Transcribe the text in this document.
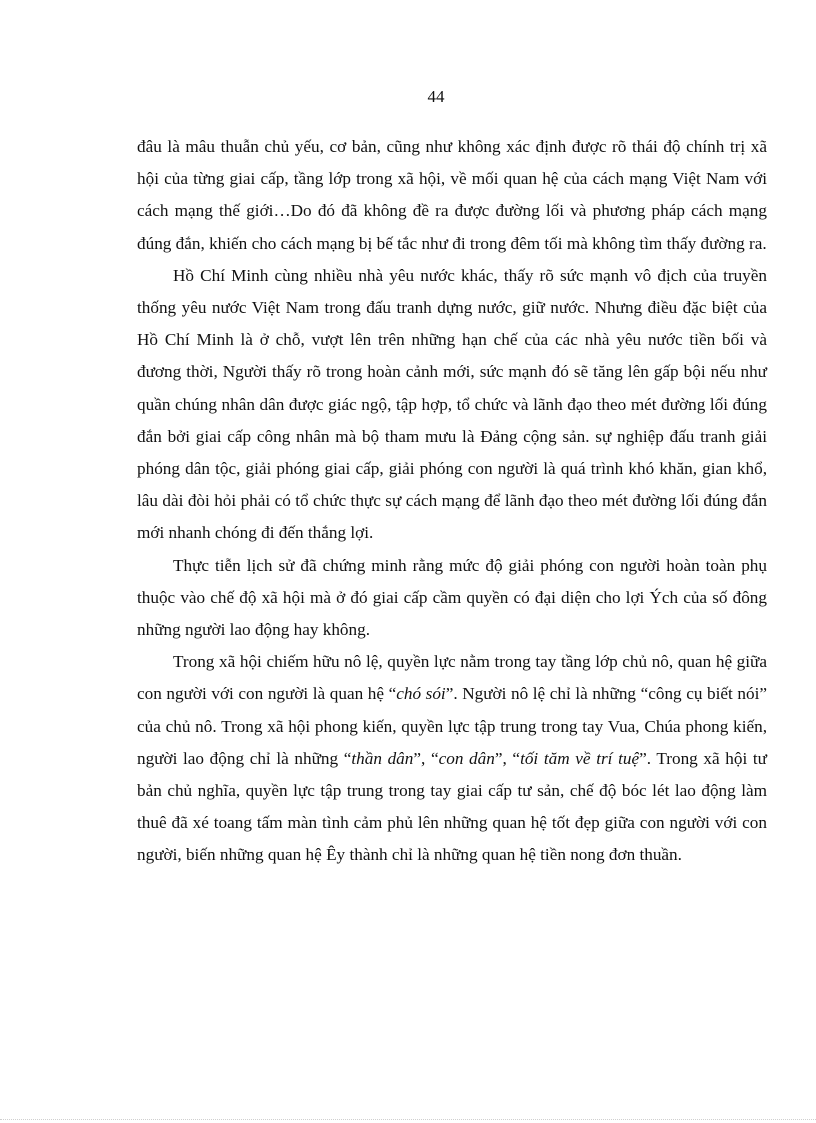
44

đâu là mâu thuẫn chủ yếu, cơ bản, cũng như không xác định được rõ thái độ chính trị xã hội của từng giai cấp, tầng lớp trong xã hội, về mối quan hệ của cách mạng Việt Nam với cách mạng thế giới…Do đó đã không đề ra được đường lối và phương pháp cách mạng đúng đắn, khiến cho cách mạng bị bế tắc như đi trong đêm tối mà không tìm thấy đường ra.

Hồ Chí Minh cùng nhiều nhà yêu nước khác, thấy rõ sức mạnh vô địch của truyền thống yêu nước Việt Nam trong đấu tranh dựng nước, giữ nước. Nhưng điều đặc biệt của Hồ Chí Minh là ở chỗ, vượt lên trên những hạn chế của các nhà yêu nước tiền bối và đương thời, Người thấy rõ trong hoàn cảnh mới, sức mạnh đó sẽ tăng lên gấp bội nếu như quần chúng nhân dân được giác ngộ, tập hợp, tổ chức và lãnh đạo theo mét đường lối đúng đắn bởi giai cấp công nhân mà bộ tham mưu là Đảng cộng sản. sự nghiệp đấu tranh giải phóng dân tộc, giải phóng giai cấp, giải phóng con người là quá trình khó khăn, gian khổ, lâu dài đòi hỏi phải có tổ chức thực sự cách mạng để lãnh đạo theo mét đường lối đúng đắn mới nhanh chóng đi đến thắng lợi.

Thực tiễn lịch sử đã chứng minh rằng mức độ giải phóng con người hoàn toàn phụ thuộc vào chế độ xã hội mà ở đó giai cấp cầm quyền có đại diện cho lợi Ých của số đông những người lao động hay không.

Trong xã hội chiếm hữu nô lệ, quyền lực nằm trong tay tầng lớp chủ nô, quan hệ giữa con người với con người là quan hệ “chó sói”. Người nô lệ chỉ là những “công cụ biết nói” của chủ nô. Trong xã hội phong kiến, quyền lực tập trung trong tay Vua, Chúa phong kiến, người lao động chỉ là những “thần dân”, “con dân”, “tối tăm về trí tuệ”. Trong xã hội tư bản chủ nghĩa, quyền lực tập trung trong tay giai cấp tư sản, chế độ bóc lét lao động làm thuê đã xé toang tấm màn tình cảm phủ lên những quan hệ tốt đẹp giữa con người với con người, biến những quan hệ Êy thành chỉ là những quan hệ tiền nong đơn thuần.
